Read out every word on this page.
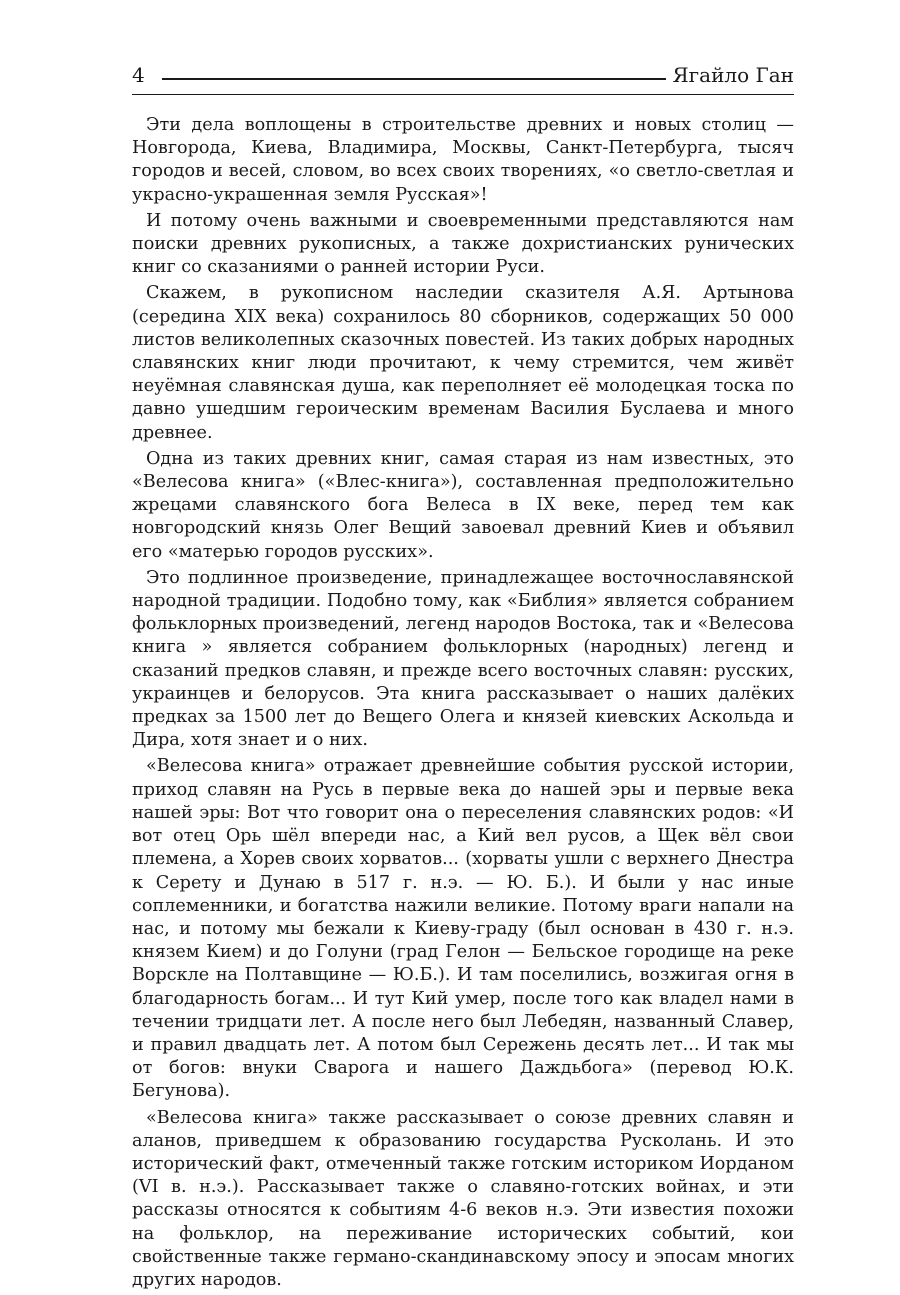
4	Ягайло Ган

Эти дела воплощены в строительстве древних и новых столиц — Новгорода, Киева, Владимира, Москвы, Санкт-Петербурга, тысяч городов и весей, словом, во всех своих творениях, «о светло-светлая и украсно-украшенная земля Русская»!

И потому очень важными и своевременными представляются нам поиски древних рукописных, а также дохристианских рунических книг со сказаниями о ранней истории Руси.

Скажем, в рукописном наследии сказителя А.Я. Артынова (середина XIX века) сохранилось 80 сборников, содержащих 50 000 листов великолепных сказочных повестей. Из таких добрых народных славянских книг люди прочитают, к чему стремится, чем живёт неуёмная славянская душа, как переполняет её молодецкая тоска по давно ушедшим героическим временам Василия Буслаева и много древнее.

Одна из таких древних книг, самая старая из нам известных, это «Велесова книга» («Влес-книга»), составленная предположительно жрецами славянского бога Велеса в IX веке, перед тем как новгородский князь Олег Вещий завоевал древний Киев и объявил его «матерью городов русских».

Это подлинное произведение, принадлежащее восточнославянской народной традиции. Подобно тому, как «Библия» является собранием фольклорных произведений, легенд народов Востока, так и «Велесова книга » является собранием фольклорных (народных) легенд и сказаний предков славян, и прежде всего восточных славян: русских, украинцев и белорусов. Эта книга рассказывает о наших далёких предках за 1500 лет до Вещего Олега и князей киевских Аскольда и Дира, хотя знает и о них.

«Велесова книга» отражает древнейшие события русской истории, приход славян на Русь в первые века до нашей эры и первые века нашей эры: Вот что говорит она о переселения славянских родов: «И вот отец Орь шёл впереди нас, а Кий вел русов, а Щек вёл свои племена, а Хорев своих хорватов... (хорваты ушли с верхнего Днестра к Серету и Дунаю в 517 г. н.э. — Ю. Б.). И были у нас иные соплеменники, и богатства нажили великие. Потому враги напали на нас, и потому мы бежали к Киеву-граду (был основан в 430 г. н.э. князем Кием) и до Голуни (град Гелон — Бельское городище на реке Ворскле на Полтавщине — Ю.Б.). И там поселились, возжигая огня в благодарность богам... И тут Кий умер, после того как владел нами в течении тридцати лет. А после него был Лебедян, названный Славер, и правил двадцать лет. А потом был Сережень десять лет... И так мы от богов: внуки Сварога и нашего Даждьбога» (перевод Ю.К. Бегунова).

«Велесова книга» также рассказывает о союзе древних славян и аланов, приведшем к образованию государства Русколань. И это исторический факт, отмеченный также готским историком Иорданом (VI в. н.э.). Рассказывает также о славяно-готских войнах, и эти рассказы относятся к событиям 4-6 веков н.э. Эти известия похожи на фольклор, на переживание исторических событий, кои свойственные также германо-скандинавскому эпосу и эпосам многих других народов.
